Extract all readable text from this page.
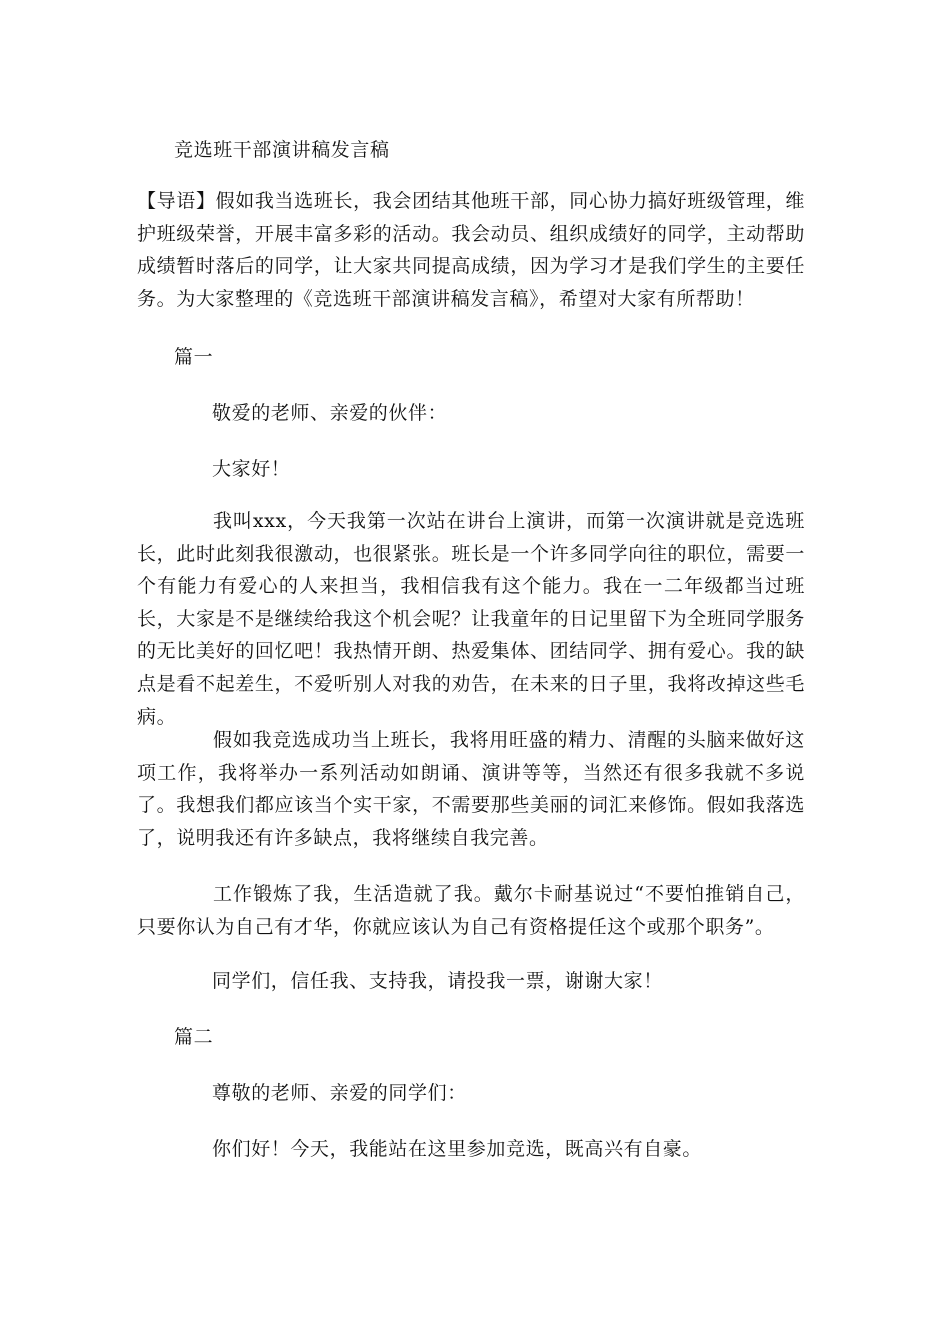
竞选班干部演讲稿发言稿
【导语】假如我当选班长，我会团结其他班干部，同心协力搞好班级管理，维护班级荣誉，开展丰富多彩的活动。我会动员、组织成绩好的同学，主动帮助成绩暂时落后的同学，让大家共同提高成绩，因为学习才是我们学生的主要任务。为大家整理的《竞选班干部演讲稿发言稿》，希望对大家有所帮助！
篇一
敬爱的老师、亲爱的伙伴：
大家好！
我叫xxx，今天我第一次站在讲台上演讲，而第一次演讲就是竞选班长，此时此刻我很激动，也很紧张。班长是一个许多同学向往的职位，需要一个有能力有爱心的人来担当，我相信我有这个能力。我在一二年级都当过班长，大家是不是继续给我这个机会呢？让我童年的日记里留下为全班同学服务的无比美好的回忆吧！我热情开朗、热爱集体、团结同学、拥有爱心。我的缺点是看不起差生，不爱听别人对我的劝告，在未来的日子里，我将改掉这些毛病。
假如我竞选成功当上班长，我将用旺盛的精力、清醒的头脑来做好这项工作，我将举办一系列活动如朗诵、演讲等等，当然还有很多我就不多说了。我想我们都应该当个实干家，不需要那些美丽的词汇来修饰。假如我落选了，说明我还有许多缺点，我将继续自我完善。
工作锻炼了我，生活造就了我。戴尔卡耐基说过“不要怕推销自己，只要你认为自己有才华，你就应该认为自己有资格提任这个或那个职务”。
同学们，信任我、支持我，请投我一票，谢谢大家！
篇二
尊敬的老师、亲爱的同学们：
你们好！今天，我能站在这里参加竞选，既高兴有自豪。
